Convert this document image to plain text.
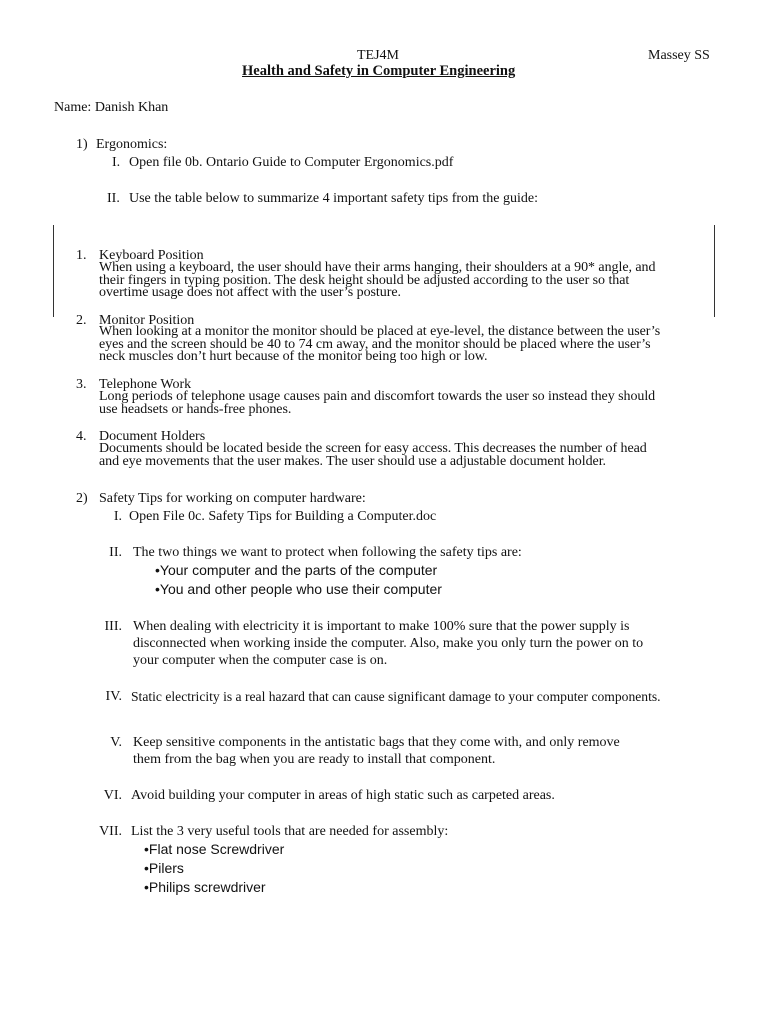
TEJ4M	Massey SS
Health and Safety in Computer Engineering
Name: Danish Khan
1) Ergonomics:
I. Open file 0b. Ontario Guide to Computer Ergonomics.pdf
II. Use the table below to summarize 4 important safety tips from the guide:
1. Keyboard Position

When using a keyboard, the user should have their arms hanging, their shoulders at a 90* angle, and

their fingers in typing position. The desk height should be adjusted according to the user so that

overtime usage does not affect with the user’s posture.

2. Monitor Position

When looking at a monitor the monitor should be placed at eye-level, the distance between the user’s

eyes and the screen should be 40 to 74 cm away, and the monitor should be placed where the user’s

neck muscles don’t hurt because of the monitor being too high or low.

3. Telephone Work

Long periods of telephone usage causes pain and discomfort towards the user so instead they should

use headsets or hands-free phones.

4. Document Holders

Documents should be located beside the screen for easy access. This decreases the number of head

and eye movements that the user makes. The user should use a adjustable document holder.

2) Safety Tips for working on computer hardware:
I. Open File 0c. Safety Tips for Building a Computer.doc
II. The two things we want to protect when following the safety tips are:
•Your computer and the parts of the computer
•You and other people who use their computer
III. When dealing with electricity it is important to make 100% sure that the power supply is
disconnected when working inside the computer. Also, make you only turn the power on to
your computer when the computer case is on.
IV. Static electricity is a real hazard that can cause significant damage to your computer components.
V. Keep sensitive components in the antistatic bags that they come with, and only remove
them from the bag when you are ready to install that component.
VI. Avoid building your computer in areas of high static such as carpeted areas.
VII. List the 3 very useful tools that are needed for assembly:
•Flat nose Screwdriver
•Pilers
•Philips screwdriver
